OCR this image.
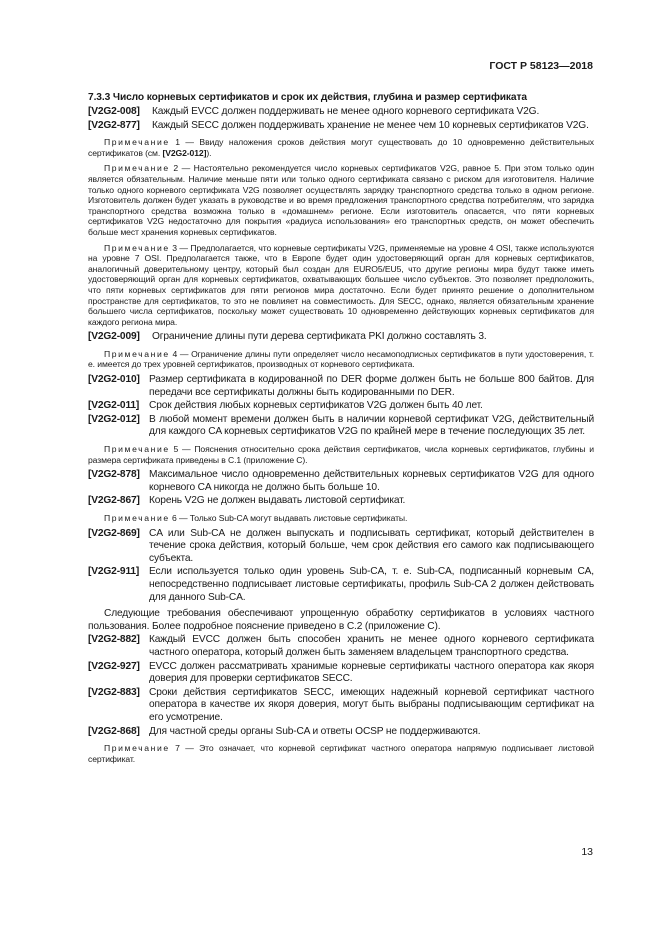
ГОСТ Р 58123—2018
7.3.3 Число корневых сертификатов и срок их действия, глубина и размер сертификата
[V2G2-008] Каждый EVCC должен поддерживать не менее одного корневого сертификата V2G.
[V2G2-877] Каждый SECC должен поддерживать хранение не менее чем 10 корневых сертификатов V2G.
Примечание 1 — Ввиду наложения сроков действия могут существовать до 10 одновременно действительных сертификатов (см. [V2G2-012]).
Примечание 2 — Настоятельно рекомендуется число корневых сертификатов V2G, равное 5. При этом только один является обязательным. Наличие меньше пяти или только одного сертификата связано с риском для изготовителя. Наличие только одного корневого сертификата V2G позволяет осуществлять зарядку транспортного средства только в одном регионе. Изготовитель должен будет указать в руководстве и во время предложения транспортного средства потребителям, что зарядка транспортного средства возможна только в «домашнем» регионе. Если изготовитель опасается, что пяти корневых сертификатов V2G недостаточно для покрытия «радиуса использования» его транспортных средств, он может обеспечить больше мест хранения корневых сертификатов.
Примечание 3 — Предполагается, что корневые сертификаты V2G, применяемые на уровне 4 OSI, также используются на уровне 7 OSI. Предполагается также, что в Европе будет один удостоверяющий орган для корневых сертификатов, аналогичный доверительному центру, который был создан для EURO5/EU5, что другие регионы мира будут также иметь удостоверяющий орган для корневых сертификатов, охватывающих большее число субъектов. Это позволяет предположить, что пяти корневых сертификатов для пяти регионов мира достаточно. Если будет принято решение о дополнительном пространстве для сертификатов, то это не повлияет на совместимость. Для SECC, однако, является обязательным хранение большего числа сертификатов, поскольку может существовать 10 одновременно действующих корневых сертификатов для каждого региона мира.
[V2G2-009] Ограничение длины пути дерева сертификата PKI должно составлять 3.
Примечание 4 — Ограничение длины пути определяет число несамоподписных сертификатов в пути удостоверения, т. е. имеется до трех уровней сертификатов, производных от корневого сертификата.
[V2G2-010] Размер сертификата в кодированной по DER форме должен быть не больше 800 байтов. Для передачи все сертификаты должны быть кодированными по DER.
[V2G2-011] Срок действия любых корневых сертификатов V2G должен быть 40 лет.
[V2G2-012] В любой момент времени должен быть в наличии корневой сертификат V2G, действительный для каждого CA корневых сертификатов V2G по крайней мере в течение последующих 35 лет.
Примечание 5 — Пояснения относительно срока действия сертификатов, числа корневых сертификатов, глубины и размера сертификата приведены в С.1 (приложение С).
[V2G2-878] Максимальное число одновременно действительных корневых сертификатов V2G для одного корневого CA никогда не должно быть больше 10.
[V2G2-867] Корень V2G не должен выдавать листовой сертификат.
Примечание 6 — Только Sub-CA могут выдавать листовые сертификаты.
[V2G2-869] CA или Sub-CA не должен выпускать и подписывать сертификат, который действителен в течение срока действия, который больше, чем срок действия его самого как подписывающего субъекта.
[V2G2-911] Если используется только один уровень Sub-CA, т. е. Sub-CA, подписанный корневым CA, непосредственно подписывает листовые сертификаты, профиль Sub-CA 2 должен действовать для данного Sub-CA.
Следующие требования обеспечивают упрощенную обработку сертификатов в условиях частного пользования. Более подробное пояснение приведено в С.2 (приложение С).
[V2G2-882] Каждый EVCC должен быть способен хранить не менее одного корневого сертификата частного оператора, который должен быть заменяем владельцем транспортного средства.
[V2G2-927] EVCC должен рассматривать хранимые корневые сертификаты частного оператора как якоря доверия для проверки сертификатов SECC.
[V2G2-883] Сроки действия сертификатов SECC, имеющих надежный корневой сертификат частного оператора в качестве их якоря доверия, могут быть выбраны подписывающим сертификат на его усмотрение.
[V2G2-868] Для частной среды органы Sub-CA и ответы OCSP не поддерживаются.
Примечание 7 — Это означает, что корневой сертификат частного оператора напрямую подписывает листовой сертификат.
13
